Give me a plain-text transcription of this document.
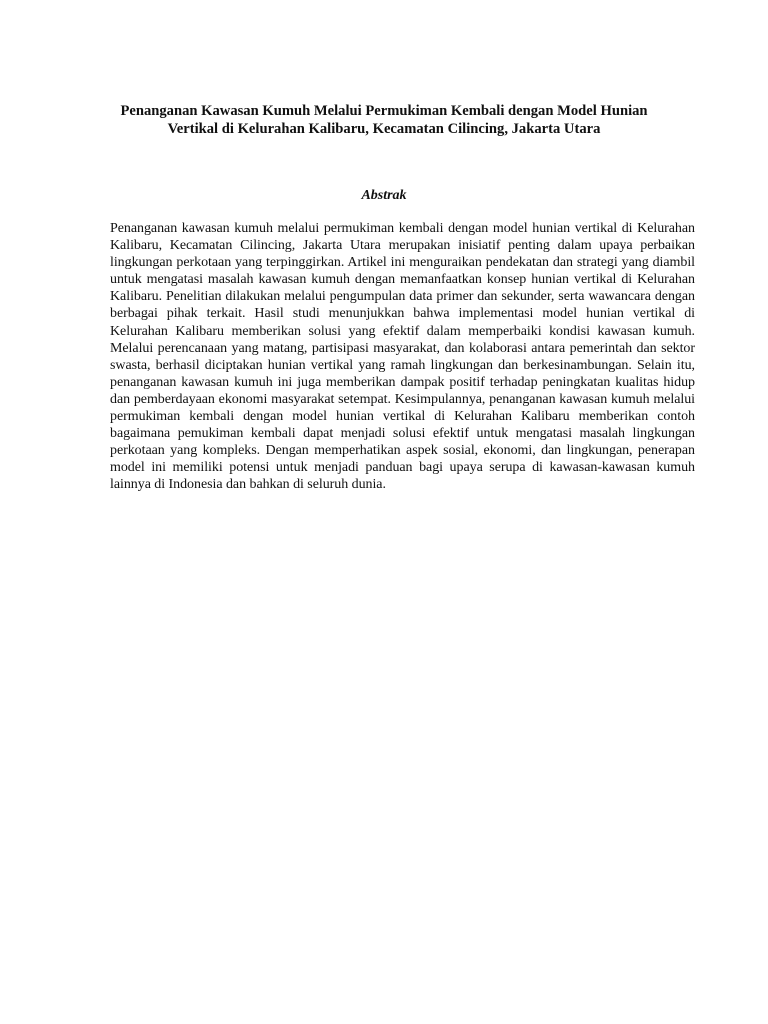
Penanganan Kawasan Kumuh Melalui Permukiman Kembali dengan Model Hunian
Vertikal di Kelurahan Kalibaru, Kecamatan Cilincing, Jakarta Utara
Abstrak

Penanganan kawasan kumuh melalui permukiman kembali dengan model hunian vertikal di Kelurahan Kalibaru, Kecamatan Cilincing, Jakarta Utara merupakan inisiatif penting dalam upaya perbaikan lingkungan perkotaan yang terpinggirkan. Artikel ini menguraikan pendekatan dan strategi yang diambil untuk mengatasi masalah kawasan kumuh dengan memanfaatkan konsep hunian vertikal di Kelurahan Kalibaru. Penelitian dilakukan melalui pengumpulan data primer dan sekunder, serta wawancara dengan berbagai pihak terkait. Hasil studi menunjukkan bahwa implementasi model hunian vertikal di Kelurahan Kalibaru memberikan solusi yang efektif dalam memperbaiki kondisi kawasan kumuh. Melalui perencanaan yang matang, partisipasi masyarakat, dan kolaborasi antara pemerintah dan sektor swasta, berhasil diciptakan hunian vertikal yang ramah lingkungan dan berkesinambungan. Selain itu, penanganan kawasan kumuh ini juga memberikan dampak positif terhadap peningkatan kualitas hidup dan pemberdayaan ekonomi masyarakat setempat. Kesimpulannya, penanganan kawasan kumuh melalui permukiman kembali dengan model hunian vertikal di Kelurahan Kalibaru memberikan contoh bagaimana pemukiman kembali dapat menjadi solusi efektif untuk mengatasi masalah lingkungan perkotaan yang kompleks. Dengan memperhatikan aspek sosial, ekonomi, dan lingkungan, penerapan model ini memiliki potensi untuk menjadi panduan bagi upaya serupa di kawasan-kawasan kumuh lainnya di Indonesia dan bahkan di seluruh dunia.
